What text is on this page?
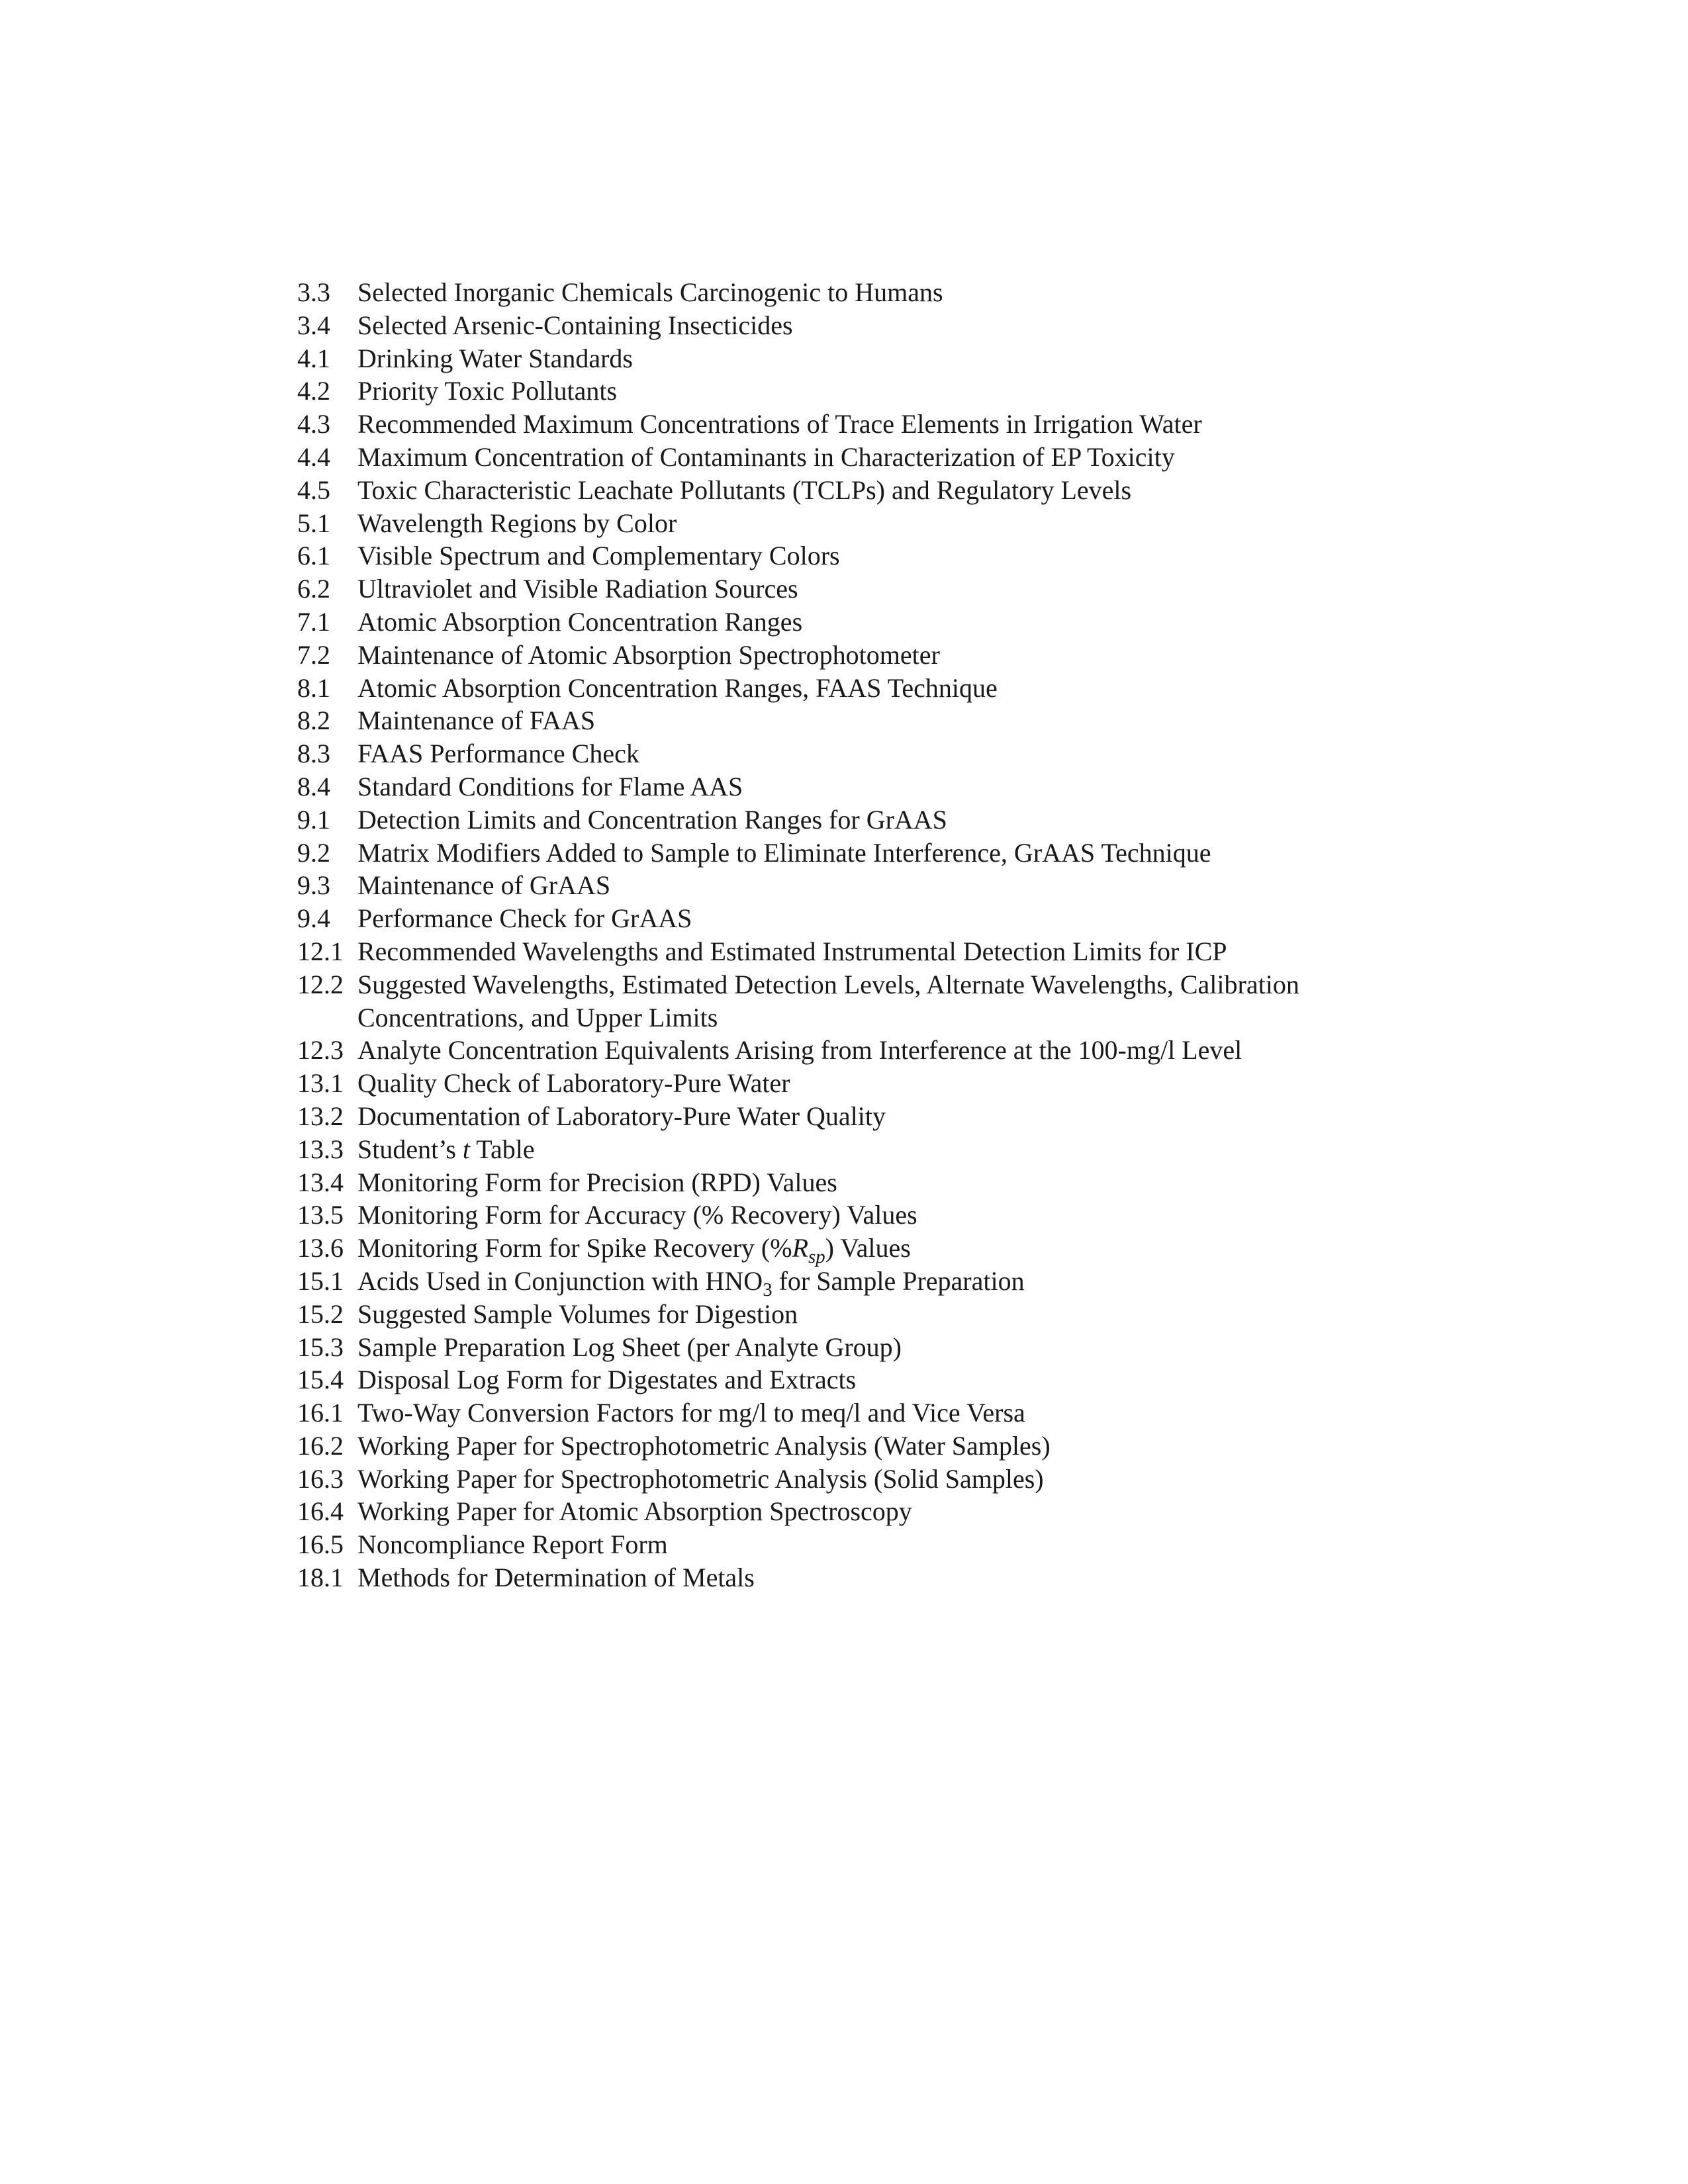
3.3	Selected Inorganic Chemicals Carcinogenic to Humans
3.4	Selected Arsenic-Containing Insecticides
4.1	Drinking Water Standards
4.2	Priority Toxic Pollutants
4.3	Recommended Maximum Concentrations of Trace Elements in Irrigation Water
4.4	Maximum Concentration of Contaminants in Characterization of EP Toxicity
4.5	Toxic Characteristic Leachate Pollutants (TCLPs) and Regulatory Levels
5.1	Wavelength Regions by Color
6.1	Visible Spectrum and Complementary Colors
6.2	Ultraviolet and Visible Radiation Sources
7.1	Atomic Absorption Concentration Ranges
7.2	Maintenance of Atomic Absorption Spectrophotometer
8.1	Atomic Absorption Concentration Ranges, FAAS Technique
8.2	Maintenance of FAAS
8.3	FAAS Performance Check
8.4	Standard Conditions for Flame AAS
9.1	Detection Limits and Concentration Ranges for GrAAS
9.2	Matrix Modifiers Added to Sample to Eliminate Interference, GrAAS Technique
9.3	Maintenance of GrAAS
9.4	Performance Check for GrAAS
12.1 Recommended Wavelengths and Estimated Instrumental Detection Limits for ICP
12.2 Suggested Wavelengths, Estimated Detection Levels, Alternate Wavelengths, Calibration Concentrations, and Upper Limits
12.3 Analyte Concentration Equivalents Arising from Interference at the 100-mg/l Level
13.1 Quality Check of Laboratory-Pure Water
13.2 Documentation of Laboratory-Pure Water Quality
13.3 Student’s t Table
13.4 Monitoring Form for Precision (RPD) Values
13.5 Monitoring Form for Accuracy (% Recovery) Values
13.6 Monitoring Form for Spike Recovery $(\%R_{sp})$ Values
15.1 Acids Used in Conjunction with $HNO_3$ for Sample Preparation
15.2 Suggested Sample Volumes for Digestion
15.3 Sample Preparation Log Sheet (per Analyte Group)
15.4 Disposal Log Form for Digestates and Extracts
16.1 Two-Way Conversion Factors for mg/l to meq/l and Vice Versa
16.2 Working Paper for Spectrophotometric Analysis (Water Samples)
16.3 Working Paper for Spectrophotometric Analysis (Solid Samples)
16.4 Working Paper for Atomic Absorption Spectroscopy
16.5 Noncompliance Report Form
18.1 Methods for Determination of Metals
